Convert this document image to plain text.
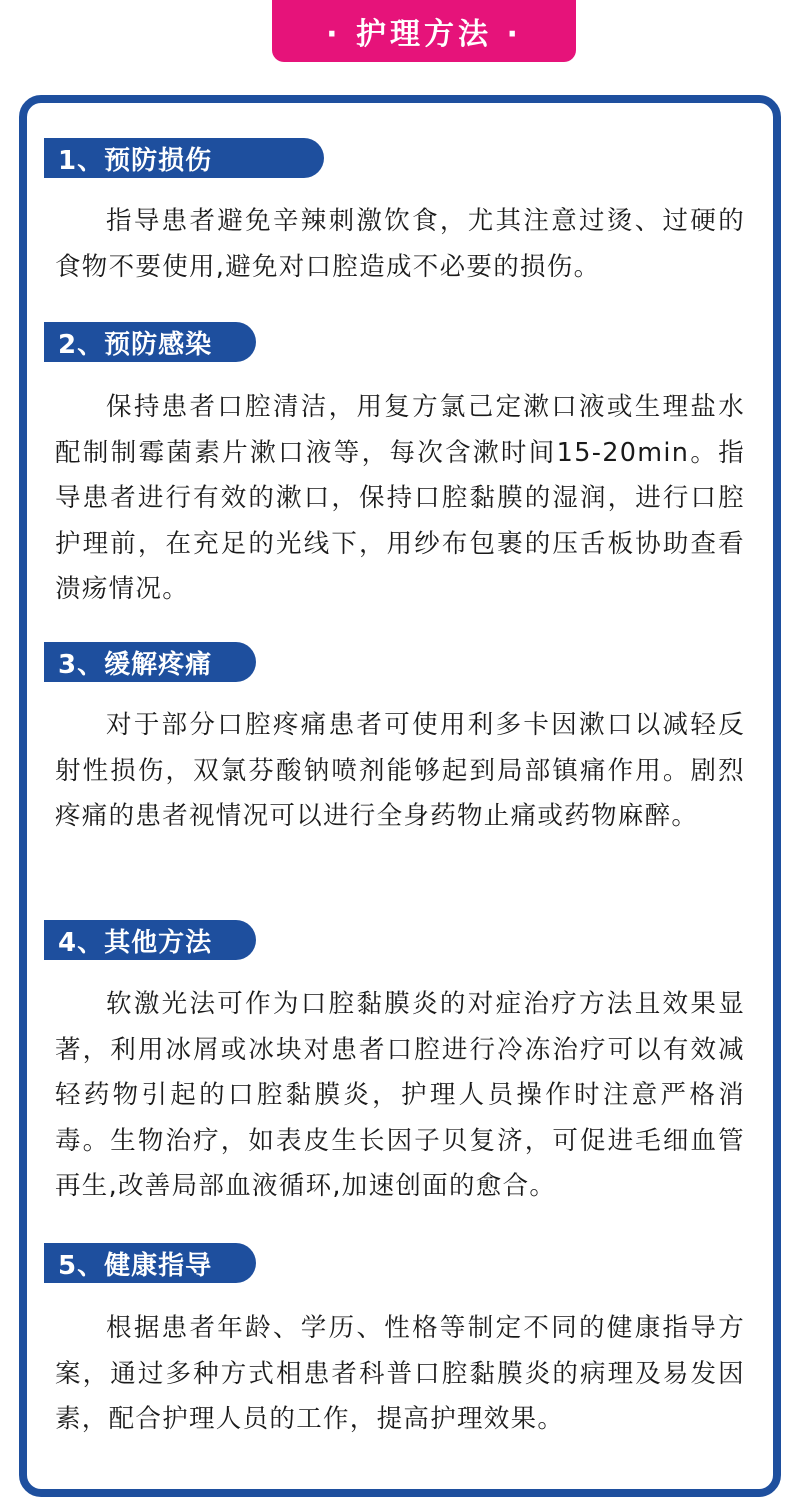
· 护理方法 ·
1、预防损伤

指导患者避免辛辣刺激饮食，尤其注意过烫、过硬的食物不要使用,避免对口腔造成不必要的损伤。

2、预防感染

保持患者口腔清洁，用复方氯己定漱口液或生理盐水配制制霉菌素片漱口液等，每次含漱时间15-20min。指导患者进行有效的漱口，保持口腔黏膜的湿润，进行口腔护理前，在充足的光线下，用纱布包裹的压舌板协助查看溃疡情况。

3、缓解疼痛

对于部分口腔疼痛患者可使用利多卡因漱口以减轻反射性损伤，双氯芬酸钠喷剂能够起到局部镇痛作用。剧烈疼痛的患者视情况可以进行全身药物止痛或药物麻醉。

4、其他方法

软激光法可作为口腔黏膜炎的对症治疗方法且效果显著，利用冰屑或冰块对患者口腔进行冷冻治疗可以有效减轻药物引起的口腔黏膜炎，护理人员操作时注意严格消毒。生物治疗，如表皮生长因子贝复济，可促进毛细血管再生,改善局部血液循环,加速创面的愈合。

5、健康指导

根据患者年龄、学历、性格等制定不同的健康指导方案，通过多种方式相患者科普口腔黏膜炎的病理及易发因素，配合护理人员的工作，提高护理效果。
